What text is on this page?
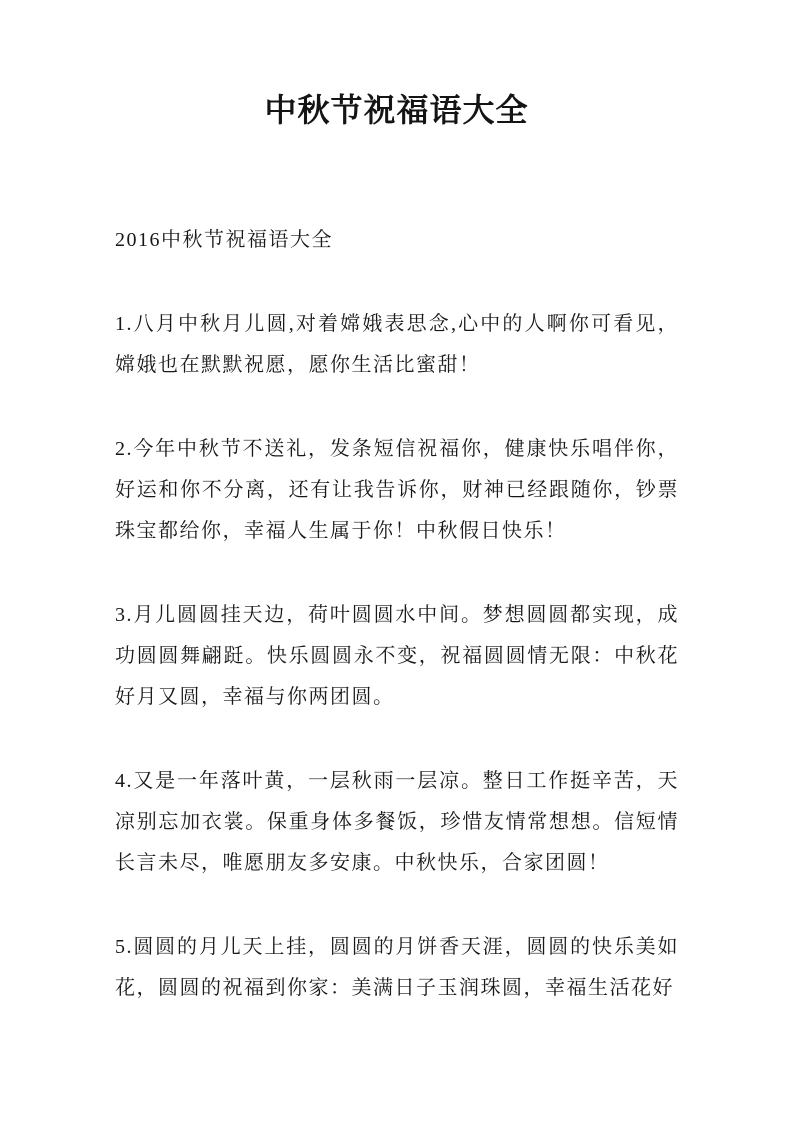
中秋节祝福语大全

2016中秋节祝福语大全

1.八月中秋月儿圆,对着嫦娥表思念,心中的人啊你可看见，嫦娥也在默默祝愿，愿你生活比蜜甜！

2.今年中秋节不送礼，发条短信祝福你，健康快乐唱伴你，好运和你不分离，还有让我告诉你，财神已经跟随你，钞票珠宝都给你，幸福人生属于你！中秋假日快乐！

3.月儿圆圆挂天边，荷叶圆圆水中间。梦想圆圆都实现，成功圆圆舞翩跹。快乐圆圆永不变，祝福圆圆情无限：中秋花好月又圆，幸福与你两团圆。

4.又是一年落叶黄，一层秋雨一层凉。整日工作挺辛苦，天凉别忘加衣裳。保重身体多餐饭，珍惜友情常想想。信短情长言未尽，唯愿朋友多安康。中秋快乐，合家团圆！

5.圆圆的月儿天上挂，圆圆的月饼香天涯，圆圆的快乐美如花，圆圆的祝福到你家：美满日子玉润珠圆，幸福生活花好
